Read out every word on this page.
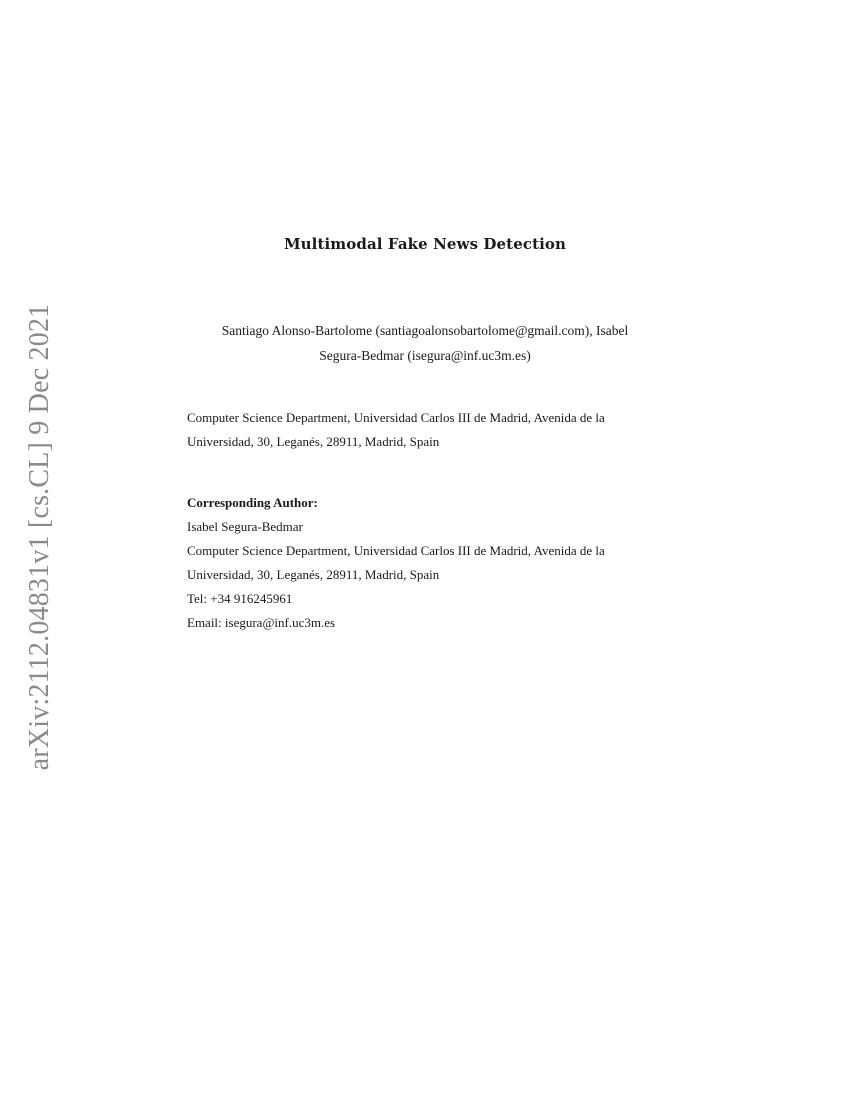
arXiv:2112.04831v1 [cs.CL] 9 Dec 2021
Multimodal Fake News Detection
Santiago Alonso-Bartolome (santiagoalonsobartolome@gmail.com), Isabel
Segura-Bedmar (isegura@inf.uc3m.es)
Computer Science Department, Universidad Carlos III de Madrid, Avenida de la
Universidad, 30, Leganés, 28911, Madrid, Spain
Corresponding Author:
Isabel Segura-Bedmar
Computer Science Department, Universidad Carlos III de Madrid, Avenida de la
Universidad, 30, Leganés, 28911, Madrid, Spain
Tel: +34 916245961
Email: isegura@inf.uc3m.es
